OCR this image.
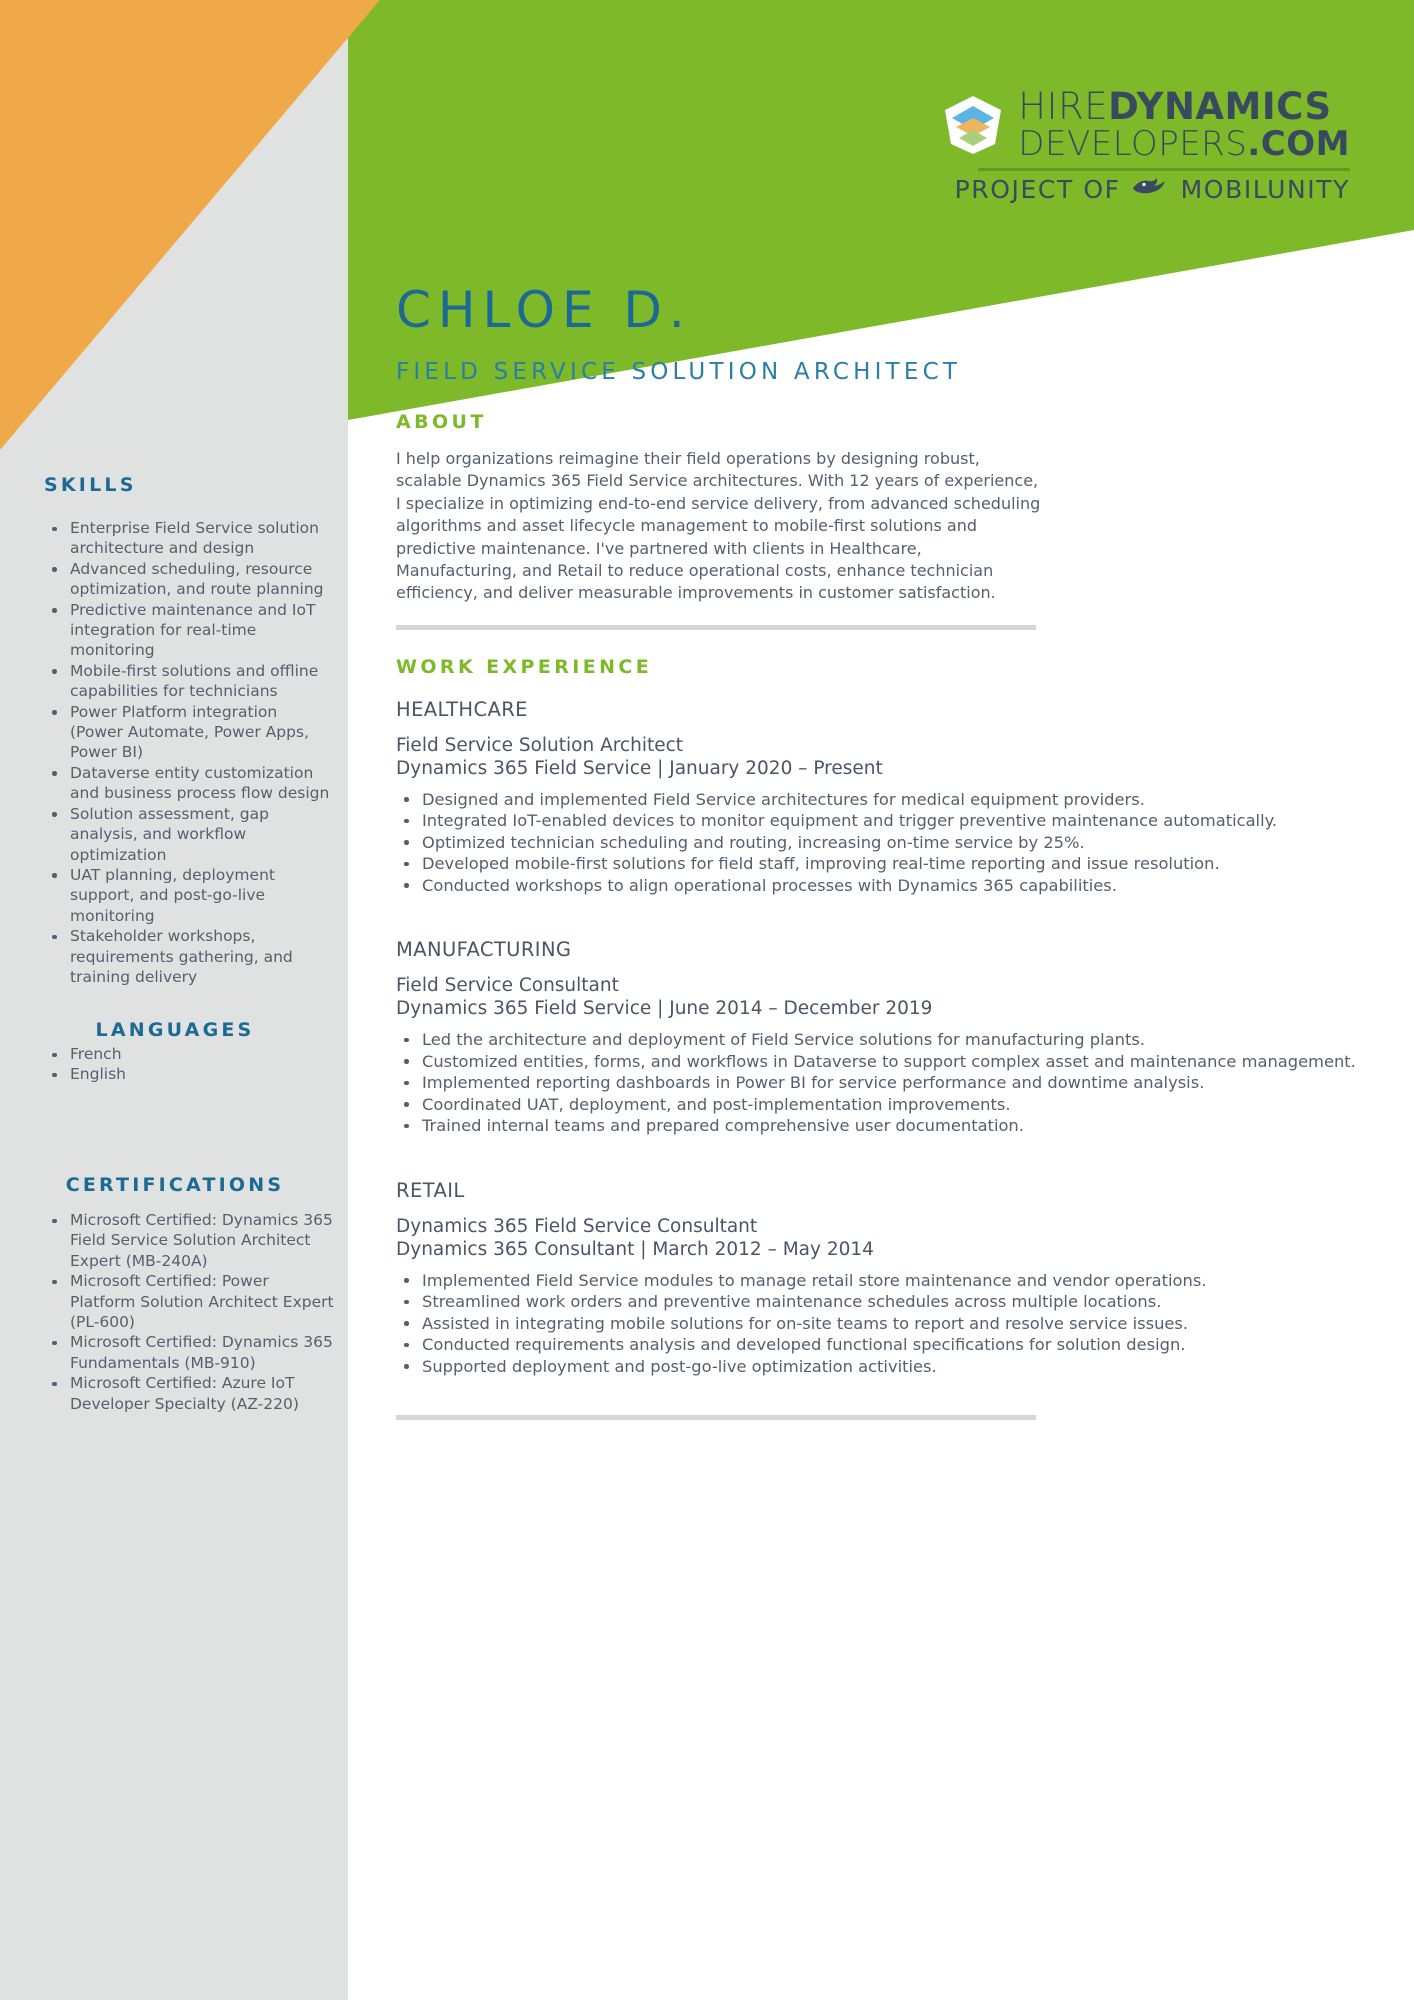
HIREDYNAMICS
DEVELOPERS.COM
PROJECT OF MOBILUNITY
SKILLS
Enterprise Field Service solution architecture and design
Advanced scheduling, resource optimization, and route planning
Predictive maintenance and IoT integration for real-time monitoring
Mobile-first solutions and offline capabilities for technicians
Power Platform integration (Power Automate, Power Apps, Power BI)
Dataverse entity customization and business process flow design
Solution assessment, gap analysis, and workflow optimization
UAT planning, deployment support, and post-go-live monitoring
Stakeholder workshops, requirements gathering, and training delivery
LANGUAGES
French
English
CERTIFICATIONS
Microsoft Certified: Dynamics 365 Field Service Solution Architect Expert (MB-240A)
Microsoft Certified: Power Platform Solution Architect Expert (PL-600)
Microsoft Certified: Dynamics 365 Fundamentals (MB-910)
Microsoft Certified: Azure IoT Developer Specialty (AZ-220)
CHLOE D.
FIELD SERVICE SOLUTION ARCHITECT
ABOUT

I help organizations reimagine their field operations by designing robust, scalable Dynamics 365 Field Service architectures. With 12 years of experience, I specialize in optimizing end-to-end service delivery, from advanced scheduling algorithms and asset lifecycle management to mobile-first solutions and predictive maintenance. I've partnered with clients in Healthcare, Manufacturing, and Retail to reduce operational costs, enhance technician efficiency, and deliver measurable improvements in customer satisfaction.

WORK EXPERIENCE
HEALTHCARE
Field Service Solution Architect
Dynamics 365 Field Service | January 2020 – Present
Designed and implemented Field Service architectures for medical equipment providers.
Integrated IoT-enabled devices to monitor equipment and trigger preventive maintenance automatically.
Optimized technician scheduling and routing, increasing on-time service by 25%.
Developed mobile-first solutions for field staff, improving real-time reporting and issue resolution.
Conducted workshops to align operational processes with Dynamics 365 capabilities.
MANUFACTURING
Field Service Consultant
Dynamics 365 Field Service | June 2014 – December 2019
Led the architecture and deployment of Field Service solutions for manufacturing plants.
Customized entities, forms, and workflows in Dataverse to support complex asset and maintenance management.
Implemented reporting dashboards in Power BI for service performance and downtime analysis.
Coordinated UAT, deployment, and post-implementation improvements.
Trained internal teams and prepared comprehensive user documentation.
RETAIL
Dynamics 365 Field Service Consultant
Dynamics 365 Consultant | March 2012 – May 2014
Implemented Field Service modules to manage retail store maintenance and vendor operations.
Streamlined work orders and preventive maintenance schedules across multiple locations.
Assisted in integrating mobile solutions for on-site teams to report and resolve service issues.
Conducted requirements analysis and developed functional specifications for solution design.
Supported deployment and post-go-live optimization activities.
